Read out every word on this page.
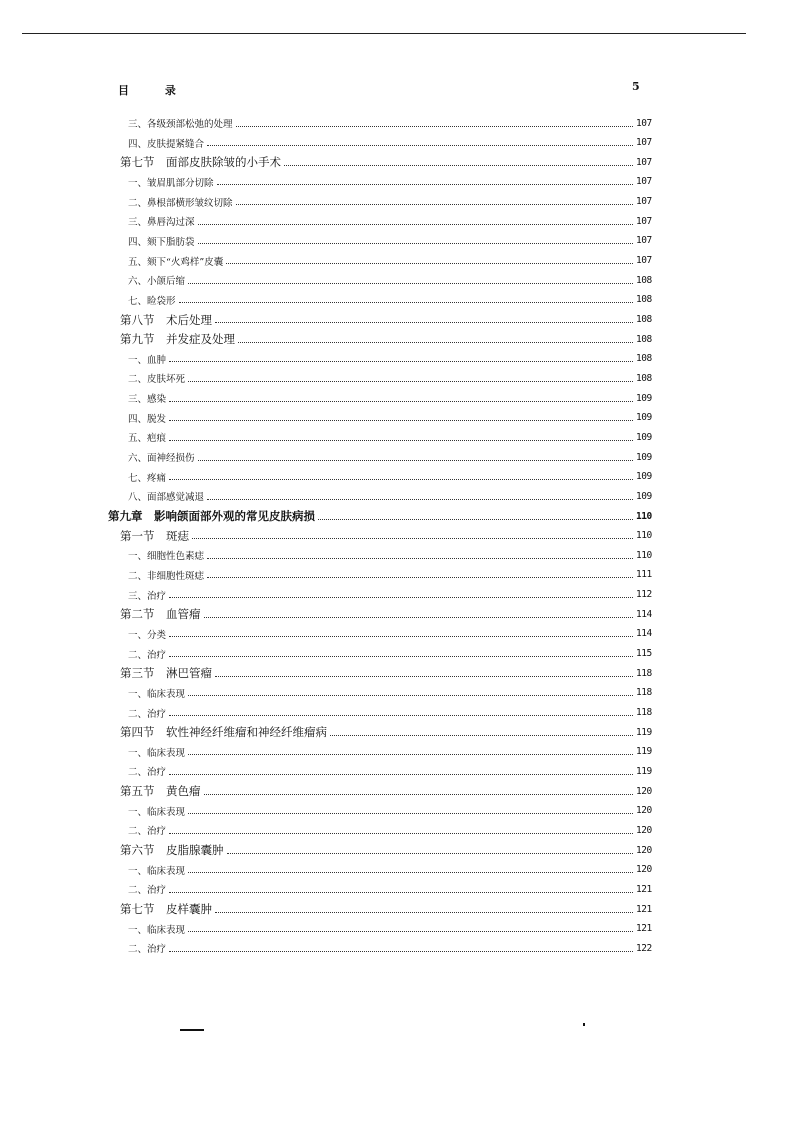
目 录	5
三、各级颈部松弛的处理	107
四、皮肤提紧缝合	107
第七节　面部皮肤除皱的小手术	107
一、皱眉肌部分切除	107
二、鼻根部横形皱纹切除	107
三、鼻唇沟过深	107
四、颏下脂肪袋	107
五、颏下“火鸡样”皮囊	107
六、小颌后缩	108
七、睑袋形	108
第八节　术后处理	108
第九节　并发症及处理	108
一、血肿	108
二、皮肤坏死	108
三、感染	109
四、脱发	109
五、疤痕	109
六、面神经损伤	109
七、疼痛	109
八、面部感觉减退	109
第九章　影响颌面部外观的常见皮肤病损	110
第一节　斑痣	110
一、细胞性色素痣	110
二、非细胞性斑痣	111
三、治疗	112
第二节　血管瘤	114
一、分类	114
二、治疗	115
第三节　淋巴管瘤	118
一、临床表现	118
二、治疗	118
第四节　软性神经纤维瘤和神经纤维瘤病	119
一、临床表现	119
二、治疗	119
第五节　黄色瘤	120
一、临床表现	120
二、治疗	120
第六节　皮脂腺囊肿	120
一、临床表现	120
二、治疗	121
第七节　皮样囊肿	121
一、临床表现	121
二、治疗	122
